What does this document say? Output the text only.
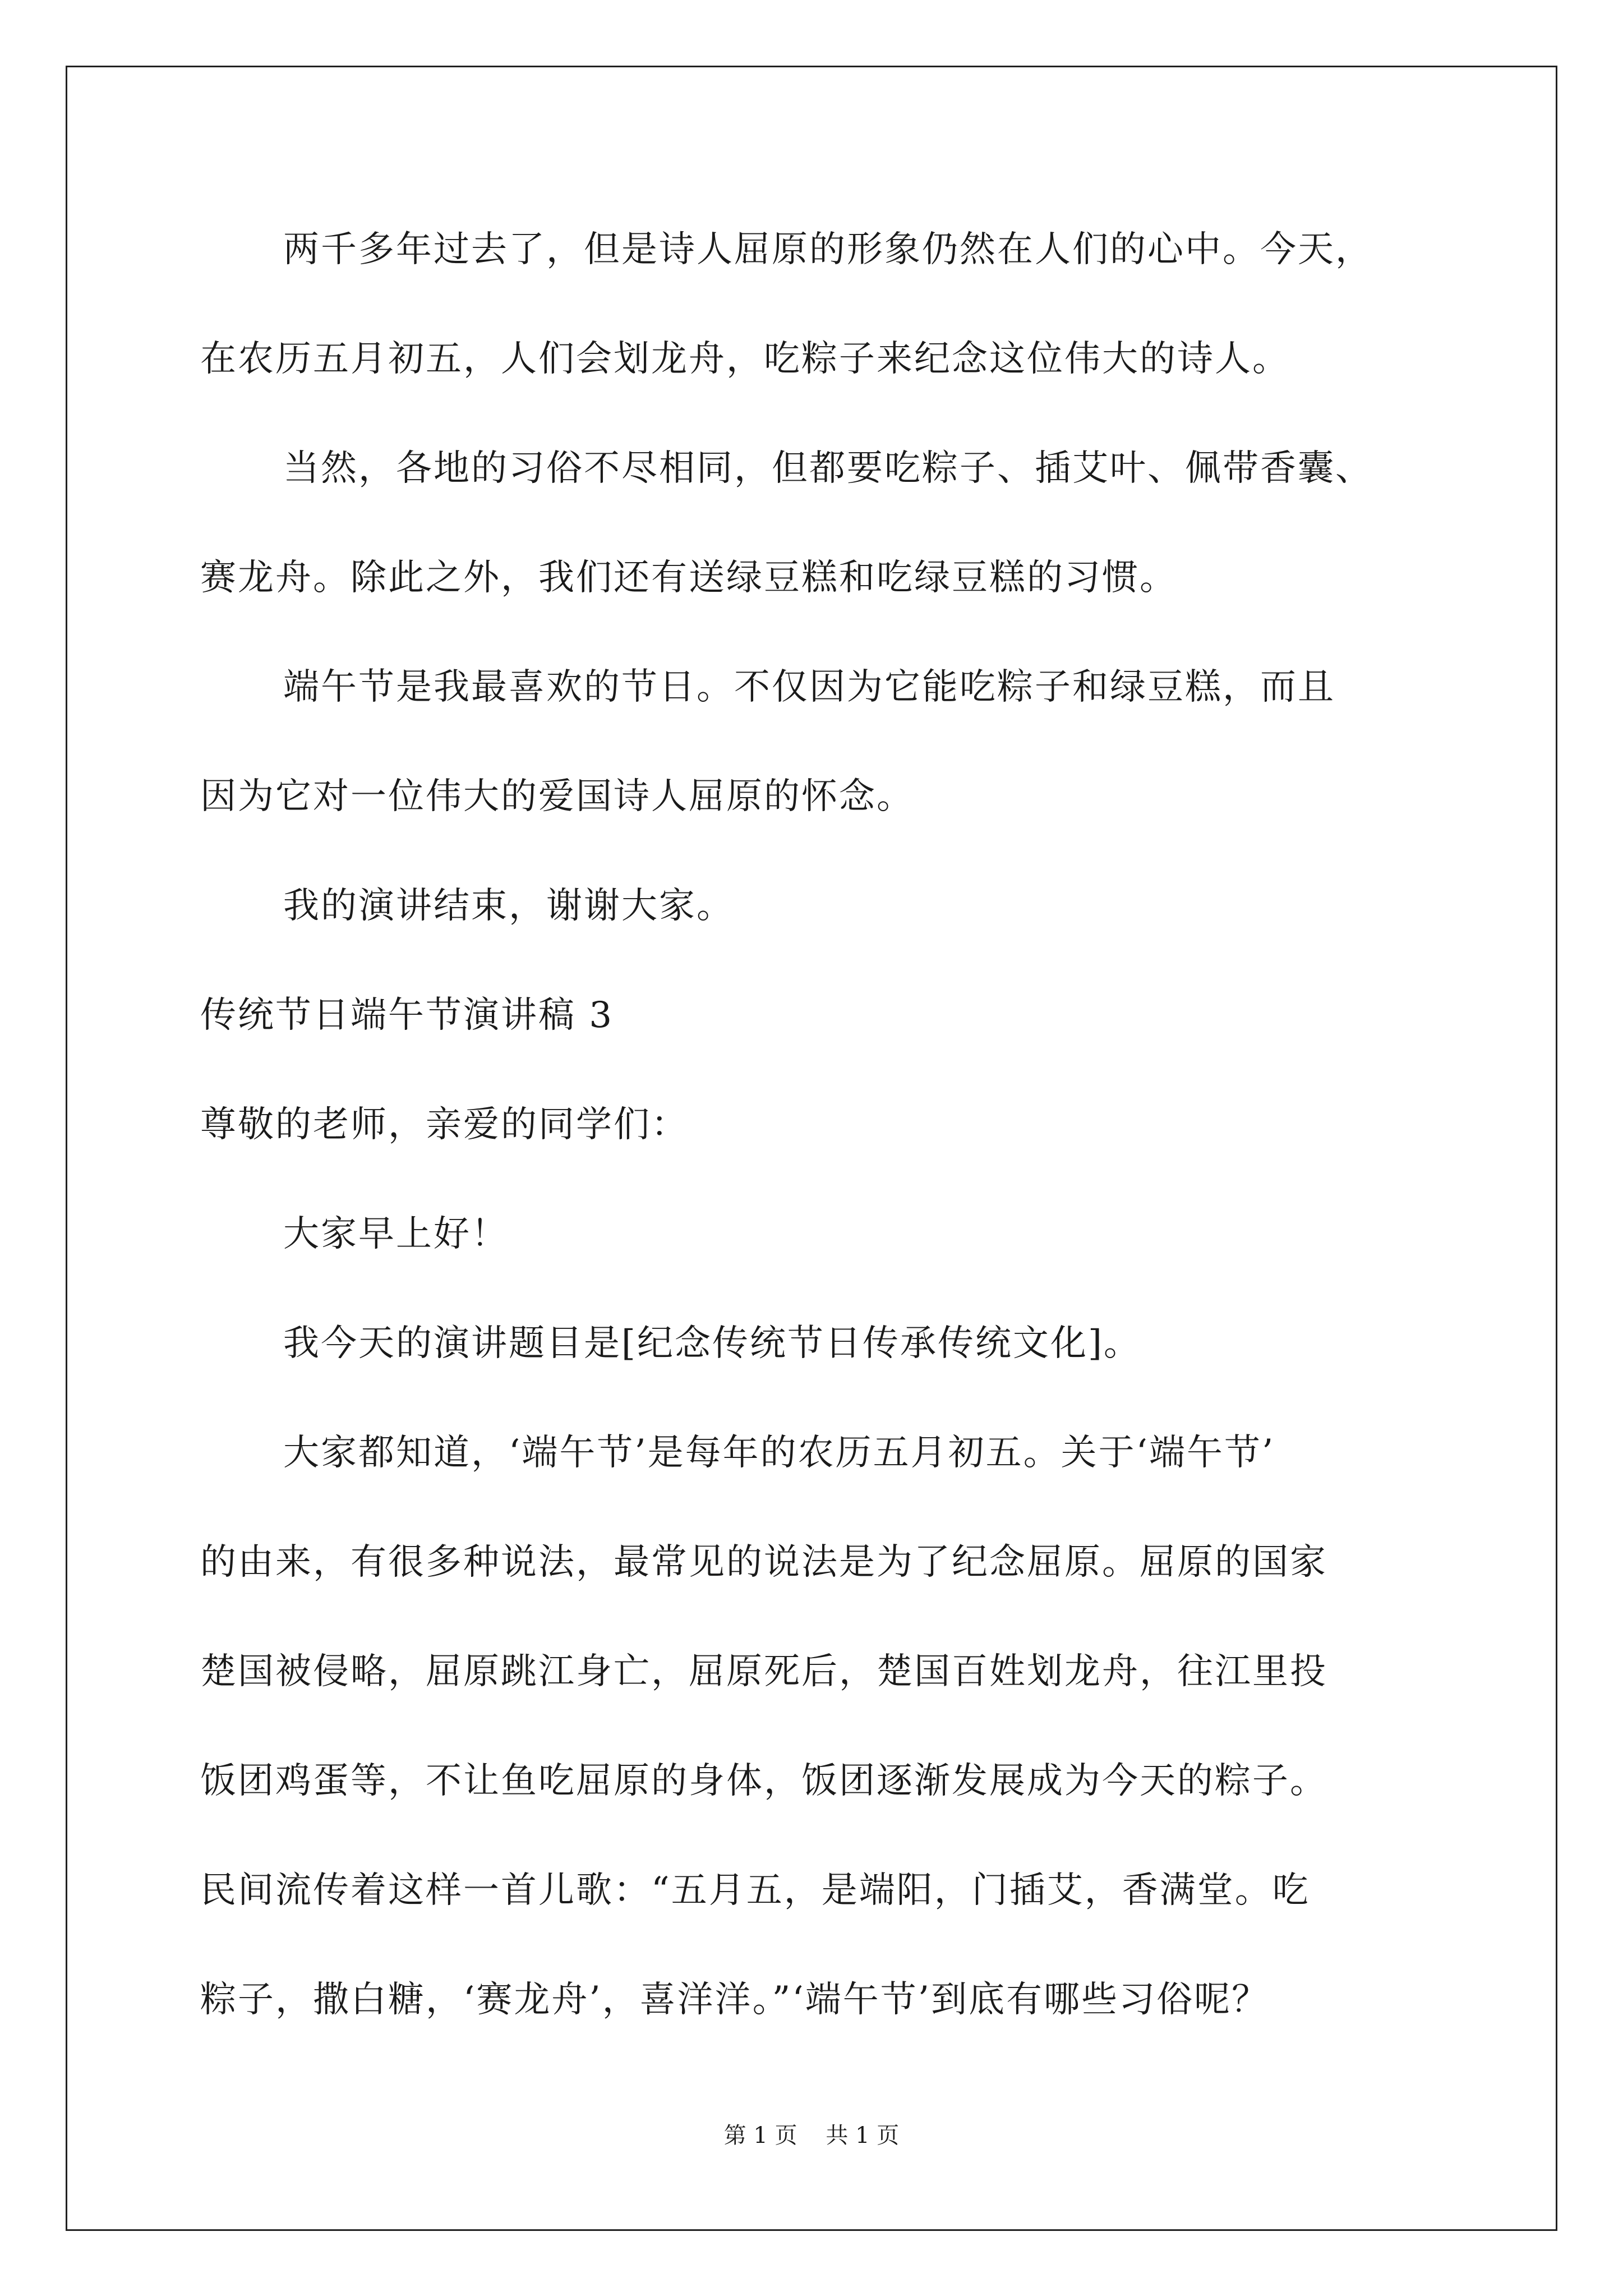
两千多年过去了，但是诗人屈原的形象仍然在人们的心中。今天，
在农历五月初五，人们会划龙舟，吃粽子来纪念这位伟大的诗人。
当然，各地的习俗不尽相同，但都要吃粽子、插艾叶、佩带香囊、
赛龙舟。除此之外，我们还有送绿豆糕和吃绿豆糕的习惯。
端午节是我最喜欢的节日。不仅因为它能吃粽子和绿豆糕，而且
因为它对一位伟大的爱国诗人屈原的怀念。
我的演讲结束，谢谢大家。
传统节日端午节演讲稿 3
尊敬的老师，亲爱的同学们：
大家早上好！
我今天的演讲题目是[纪念传统节日传承传统文化]。
大家都知道，‘端午节’是每年的农历五月初五。关于‘端午节’
的由来，有很多种说法，最常见的说法是为了纪念屈原。屈原的国家
楚国被侵略，屈原跳江身亡，屈原死后，楚国百姓划龙舟，往江里投
饭团鸡蛋等，不让鱼吃屈原的身体，饭团逐渐发展成为今天的粽子。
民间流传着这样一首儿歌：“五月五，是端阳，门插艾，香满堂。吃
粽子，撒白糖，‘赛龙舟’，喜洋洋。”‘端午节’到底有哪些习俗呢？
第 1 页    共 1 页
